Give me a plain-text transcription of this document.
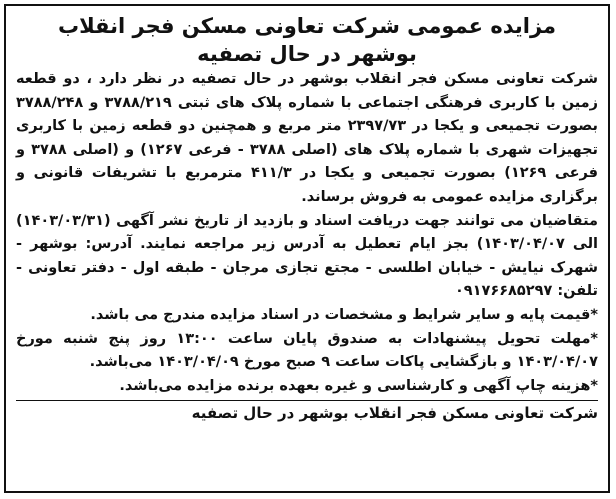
مزایده عمومی شرکت تعاونی مسکن فجر انقلاب بوشهر در حال تصفیه

شرکت تعاونی مسکن فجر انقلاب بوشهر در حال تصفیه در نظر دارد ، دو قطعه زمین با کاربری فرهنگی اجتماعی با شماره پلاک های ثبتی ۳۷۸۸/۲۱۹ و ۳۷۸۸/۲۴۸ بصورت تجمیعی و یکجا در ۲۳۹۷/۷۳ متر مربع و همچنین دو قطعه زمین با کاربری تجهیزات شهری با شماره پلاک های (اصلی ۳۷۸۸ - فرعی ۱۲۶۷) و (اصلی ۳۷۸۸ و فرعی ۱۲۶۹) بصورت تجمیعی و یکجا در ۴۱۱/۳ مترمربع با تشریفات قانونی و برگزاری مزایده عمومی به فروش برساند.

متقاضیان می توانند جهت دریافت اسناد و بازدید از تاریخ نشر آگهی (۱۴۰۳/۰۳/۳۱) الی ۱۴۰۳/۰۴/۰۷) بجز ایام تعطیل به آدرس زیر مراجعه نمایند. آدرس: بوشهر - شهرک نیایش - خیابان اطلسی - مجتع تجازی مرجان - طبقه اول - دفتر تعاونی - تلفن: ۰۹۱۷۶۶۸۵۲۹۷

*قیمت پایه و سایر شرایط و مشخصات در اسناد مزایده مندرج می باشد.

*مهلت تحویل پیشنهادات به صندوق پایان ساعت ۱۳:۰۰ روز پنج شنبه مورخ ۱۴۰۳/۰۴/۰۷ و بازگشایی پاکات ساعت ۹ صبح مورخ ۱۴۰۳/۰۴/۰۹ می‌باشد.

*هزینه چاپ آگهی و کارشناسی و غیره بعهده برنده مزایده می‌باشد.

شرکت تعاونی مسکن فجر انقلاب بوشهر در حال تصفیه
